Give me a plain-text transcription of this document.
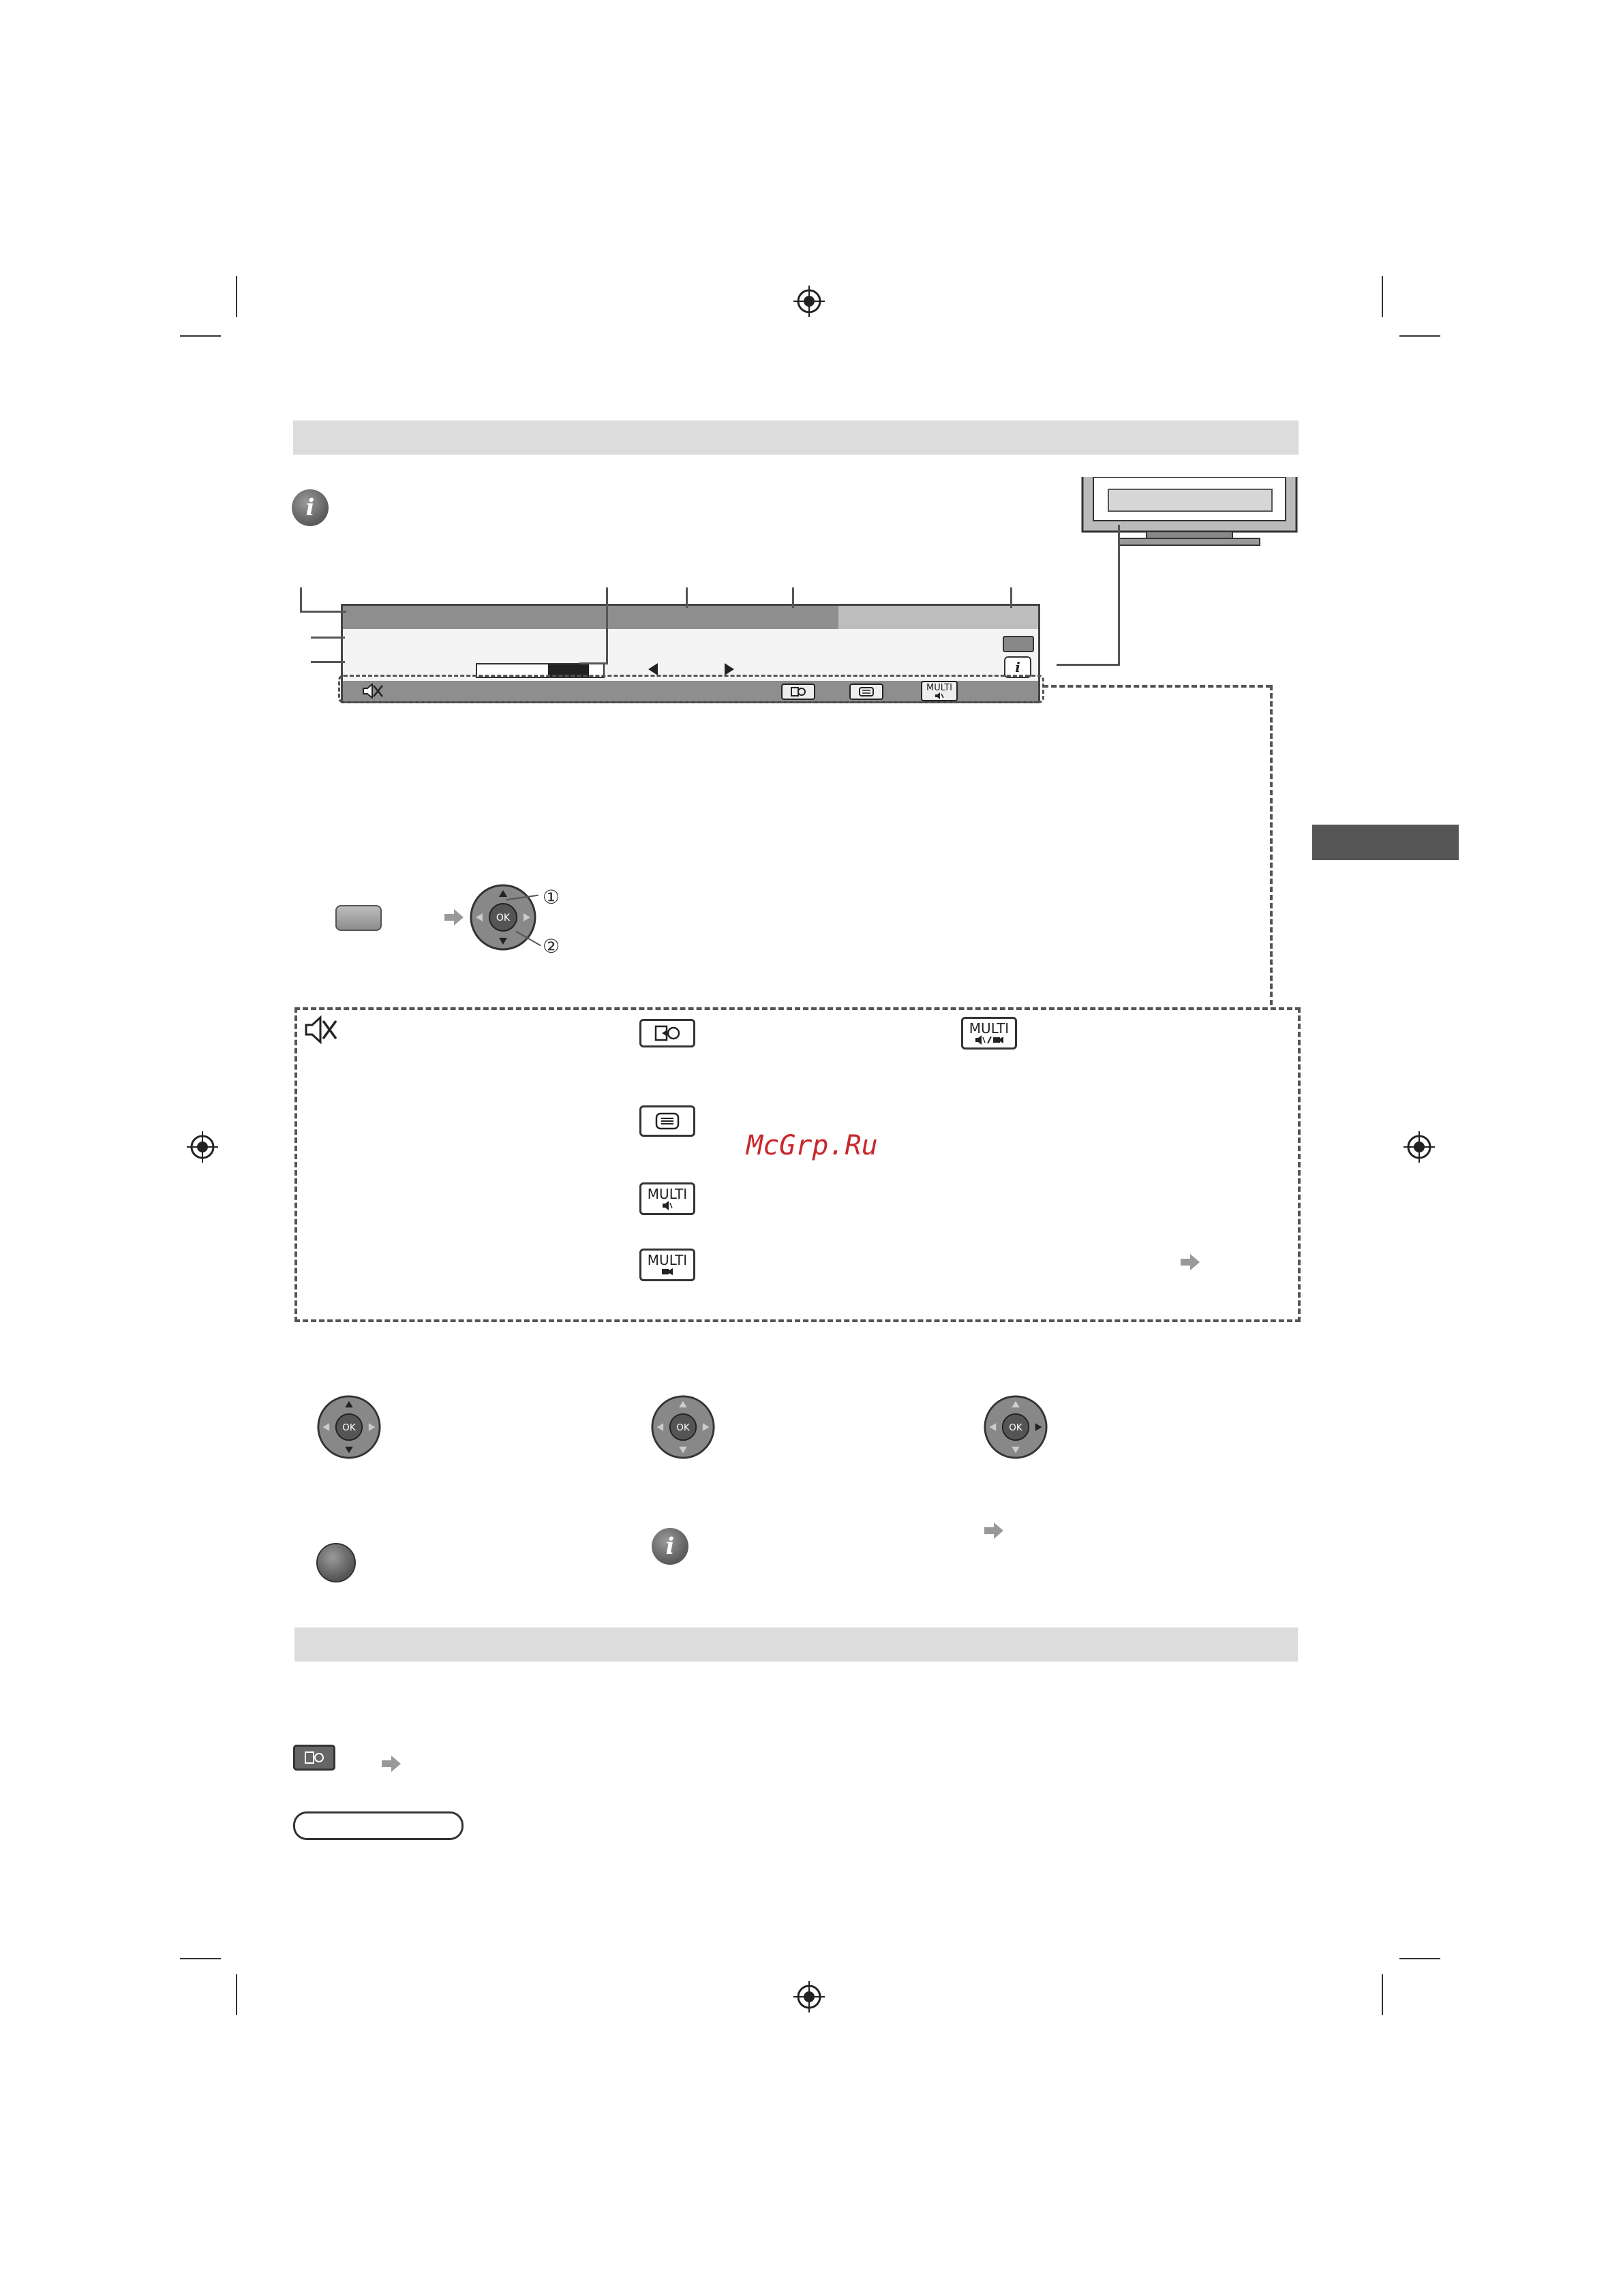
i
i
MULTI
OK
①
②
MULTI
McGrp.Ru
MULTI
MULTI
OK	OK	OK
i
